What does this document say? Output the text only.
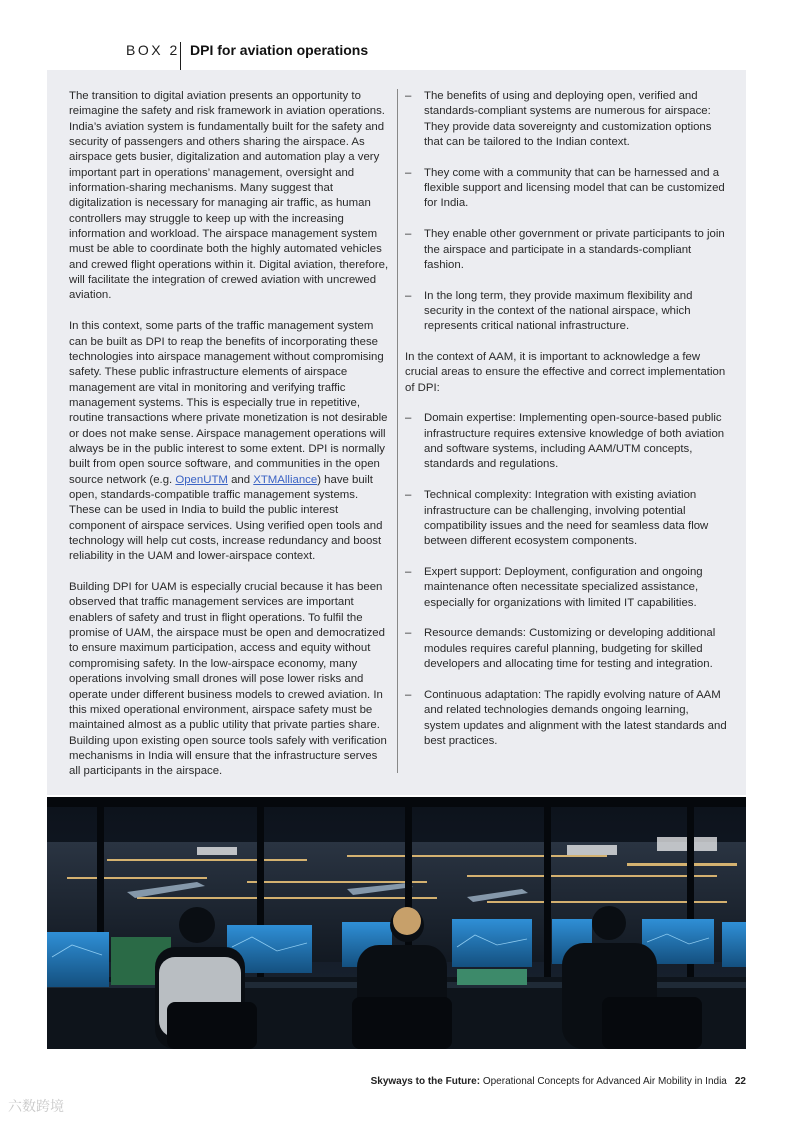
BOX 2 DPI for aviation operations

The transition to digital aviation presents an opportunity to reimagine the safety and risk framework in aviation operations. India’s aviation system is fundamentally built for the safety and security of passengers and others sharing the airspace. As airspace gets busier, digitalization and automation play a very important part in operations’ management, oversight and information-sharing mechanisms. Many suggest that digitalization is necessary for managing air traffic, as human controllers may struggle to keep up with the increasing information and workload. The airspace management system must be able to coordinate both the highly automated vehicles and crewed flight operations within it. Digital aviation, therefore, will facilitate the integration of crewed aviation with uncrewed aviation.

In this context, some parts of the traffic management system can be built as DPI to reap the benefits of incorporating these technologies into airspace management without compromising safety. These public infrastructure elements of airspace management are vital in monitoring and verifying traffic management systems. This is especially true in repetitive, routine transactions where private monetization is not desirable or does not make sense. Airspace management operations will always be in the public interest to some extent. DPI is normally built from open source software, and communities in the open source network (e.g. OpenUTM and XTMAlliance) have built open, standards-compatible traffic management systems. These can be used in India to build the public interest component of airspace services. Using verified open tools and technology will help cut costs, increase redundancy and boost reliability in the UAM and lower-airspace context.

Building DPI for UAM is especially crucial because it has been observed that traffic management services are important enablers of safety and trust in flight operations. To fulfil the promise of UAM, the airspace must be open and democratized to ensure maximum participation, access and equity without compromising safety. In the low-airspace economy, many operations involving small drones will pose lower risks and operate under different business models to crewed aviation. In this mixed operational environment, airspace safety must be maintained almost as a public utility that private parties share. Building upon existing open source tools safely with verification mechanisms in India will ensure that the infrastructure serves all participants in the airspace.

– The benefits of using and deploying open, verified and standards-compliant systems are numerous for airspace: They provide data sovereignty and customization options that can be tailored to the Indian context.
– They come with a community that can be harnessed and a flexible support and licensing model that can be customized for India.
– They enable other government or private participants to join the airspace and participate in a standards-compliant fashion.
– In the long term, they provide maximum flexibility and security in the context of the national airspace, which represents critical national infrastructure.

In the context of AAM, it is important to acknowledge a few crucial areas to ensure the effective and correct implementation of DPI:

– Domain expertise: Implementing open-source-based public infrastructure requires extensive knowledge of both aviation and software systems, including AAM/UTM concepts, standards and regulations.
– Technical complexity: Integration with existing aviation infrastructure can be challenging, involving potential compatibility issues and the need for seamless data flow between different ecosystem components.
– Expert support: Deployment, configuration and ongoing maintenance often necessitate specialized assistance, especially for organizations with limited IT capabilities.
– Resource demands: Customizing or developing additional modules requires careful planning, budgeting for skilled developers and allocating time for testing and integration.
– Continuous adaptation: The rapidly evolving nature of AAM and related technologies demands ongoing learning, system updates and alignment with the latest standards and best practices.
Skyways to the Future: Operational Concepts for Advanced Air Mobility in India 22
六数跨境
